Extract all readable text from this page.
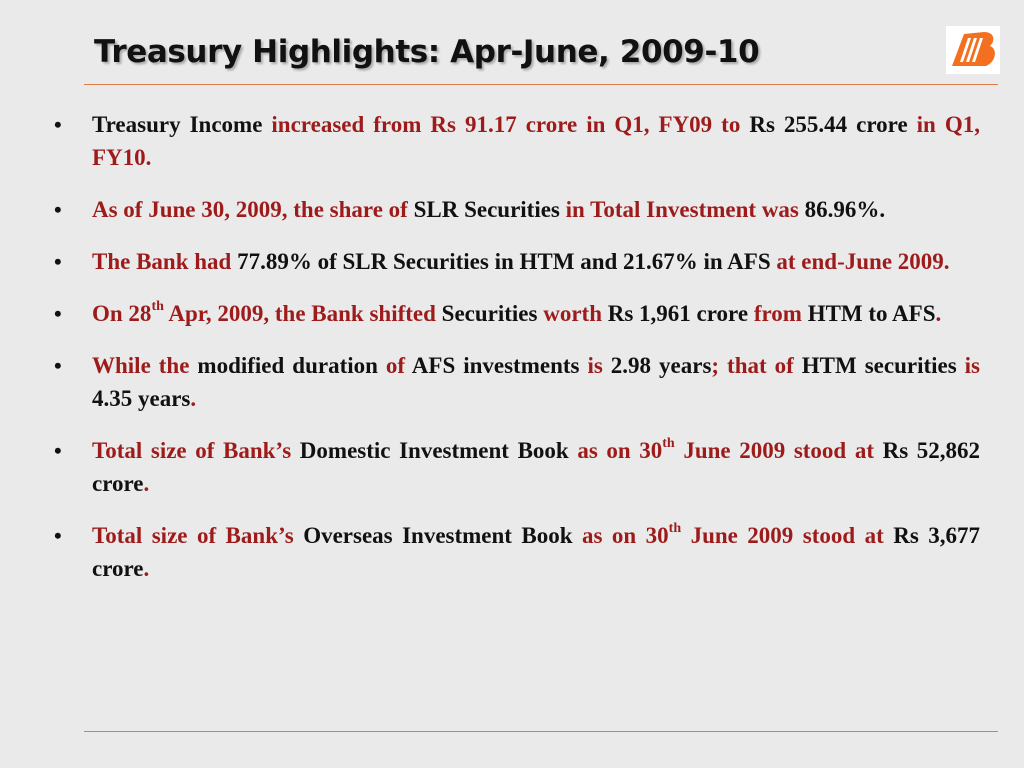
Treasury Highlights: Apr-June, 2009-10
• Treasury Income increased from Rs 91.17 crore in Q1, FY09 to Rs 255.44 crore in Q1, FY10.
• As of June 30, 2009, the share of SLR Securities in Total Investment was 86.96%.
• The Bank had 77.89% of SLR Securities in HTM and 21.67% in AFS at end-June 2009.
• On 28th Apr, 2009, the Bank shifted Securities worth Rs 1,961 crore from HTM to AFS.
• While the modified duration of AFS investments is 2.98 years; that of HTM securities is 4.35 years.
• Total size of Bank’s Domestic Investment Book as on 30th June 2009 stood at Rs 52,862 crore.
• Total size of Bank’s Overseas Investment Book as on 30th June 2009 stood at Rs 3,677 crore.
